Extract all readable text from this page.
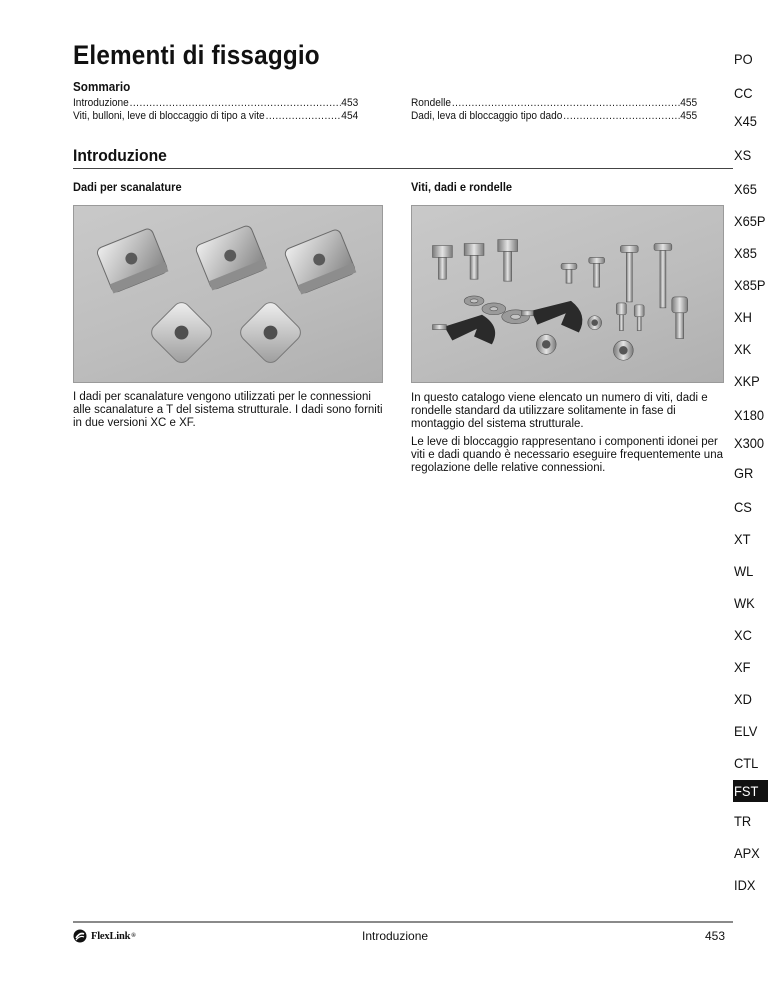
Elementi di fissaggio
Sommario
Introduzione .....	453
Viti, bulloni, leve di bloccaggio di tipo a vite .....	454
Rondelle .....	455
Dadi, leva di bloccaggio tipo dado .....	455
Introduzione
Dadi per scanalature	Viti, dadi e rondelle
I dadi per scanalature vengono utilizzati per le connessioni alle scanalature a T del sistema strutturale. I dadi sono forniti in due versioni XC e XF.
In questo catalogo viene elencato un numero di viti, dadi e rondelle standard da utilizzare solitamente in fase di montaggio del sistema strutturale.
Le leve di bloccaggio rappresentano i componenti idonei per viti e dadi quando è necessario eseguire frequentemente una regolazione delle relative connessioni.
PO
CC
X45
XS
X65
X65P
X85
X85P
XH
XK
XKP
X180
X300
GR
CS
XT
WL
WK
XC
XF
XD
ELV
CTL
FST
TR
APX
IDX
FlexLink ®	Introduzione	453
